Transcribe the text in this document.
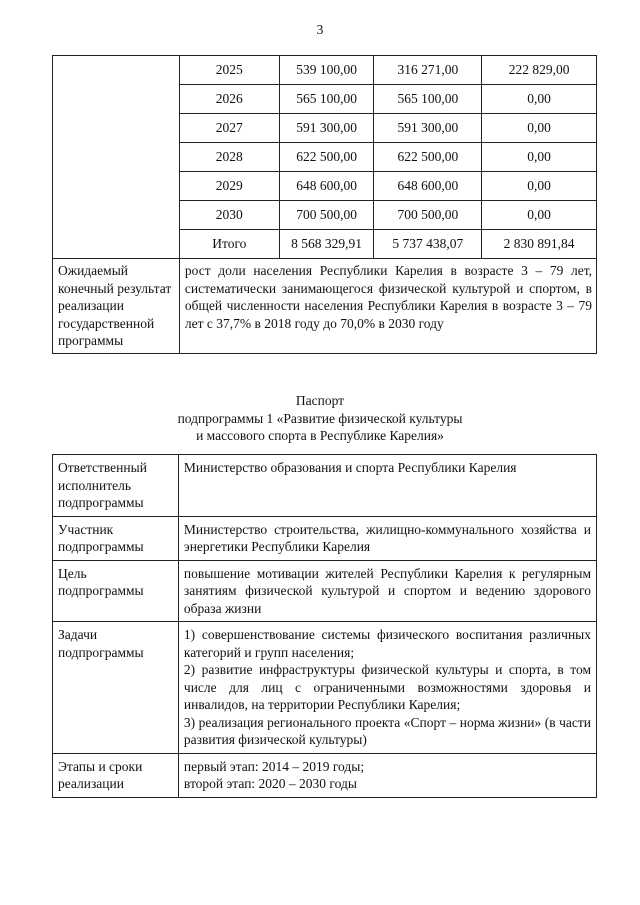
3
	2025	539 100,00	316 271,00	222 829,00
	2026	565 100,00	565 100,00	0,00
	2027	591 300,00	591 300,00	0,00
	2028	622 500,00	622 500,00	0,00
	2029	648 600,00	648 600,00	0,00
	2030	700 500,00	700 500,00	0,00
	Итого	8 568 329,91	5 737 438,07	2 830 891,84
Ожидаемый конечный результат реализации государственной программы	рост доли населения Республики Карелия в возрасте 3 – 79 лет, систематически занимающегося физической культурой и спортом, в общей численности населения Республики Карелия в возрасте 3 – 79 лет с 37,7% в 2018 году до 70,0% в 2030 году			
Паспорт
подпрограммы 1 «Развитие физической культуры
и массового спорта в Республике Карелия»
Ответственный исполнитель подпрограммы	Министерство образования и спорта Республики Карелия
Участник подпрограммы	Министерство строительства, жилищно-коммунального хозяйства и энергетики Республики Карелия
Цель подпрограммы	повышение мотивации жителей Республики Карелия к регулярным занятиям физической культурой и спортом и ведению здорового образа жизни
Задачи подпрограммы	1) совершенствование системы физического воспитания различных категорий и групп населения;
2) развитие инфраструктуры физической культуры и спорта, в том числе для лиц с ограниченными возможностями здоровья и инвалидов, на территории Республики Карелия;
3) реализация регионального проекта «Спорт – норма жизни» (в части развития физической культуры)

Этапы и сроки реализации	первый этап: 2014 – 2019 годы;
второй этап: 2020 – 2030 годы
